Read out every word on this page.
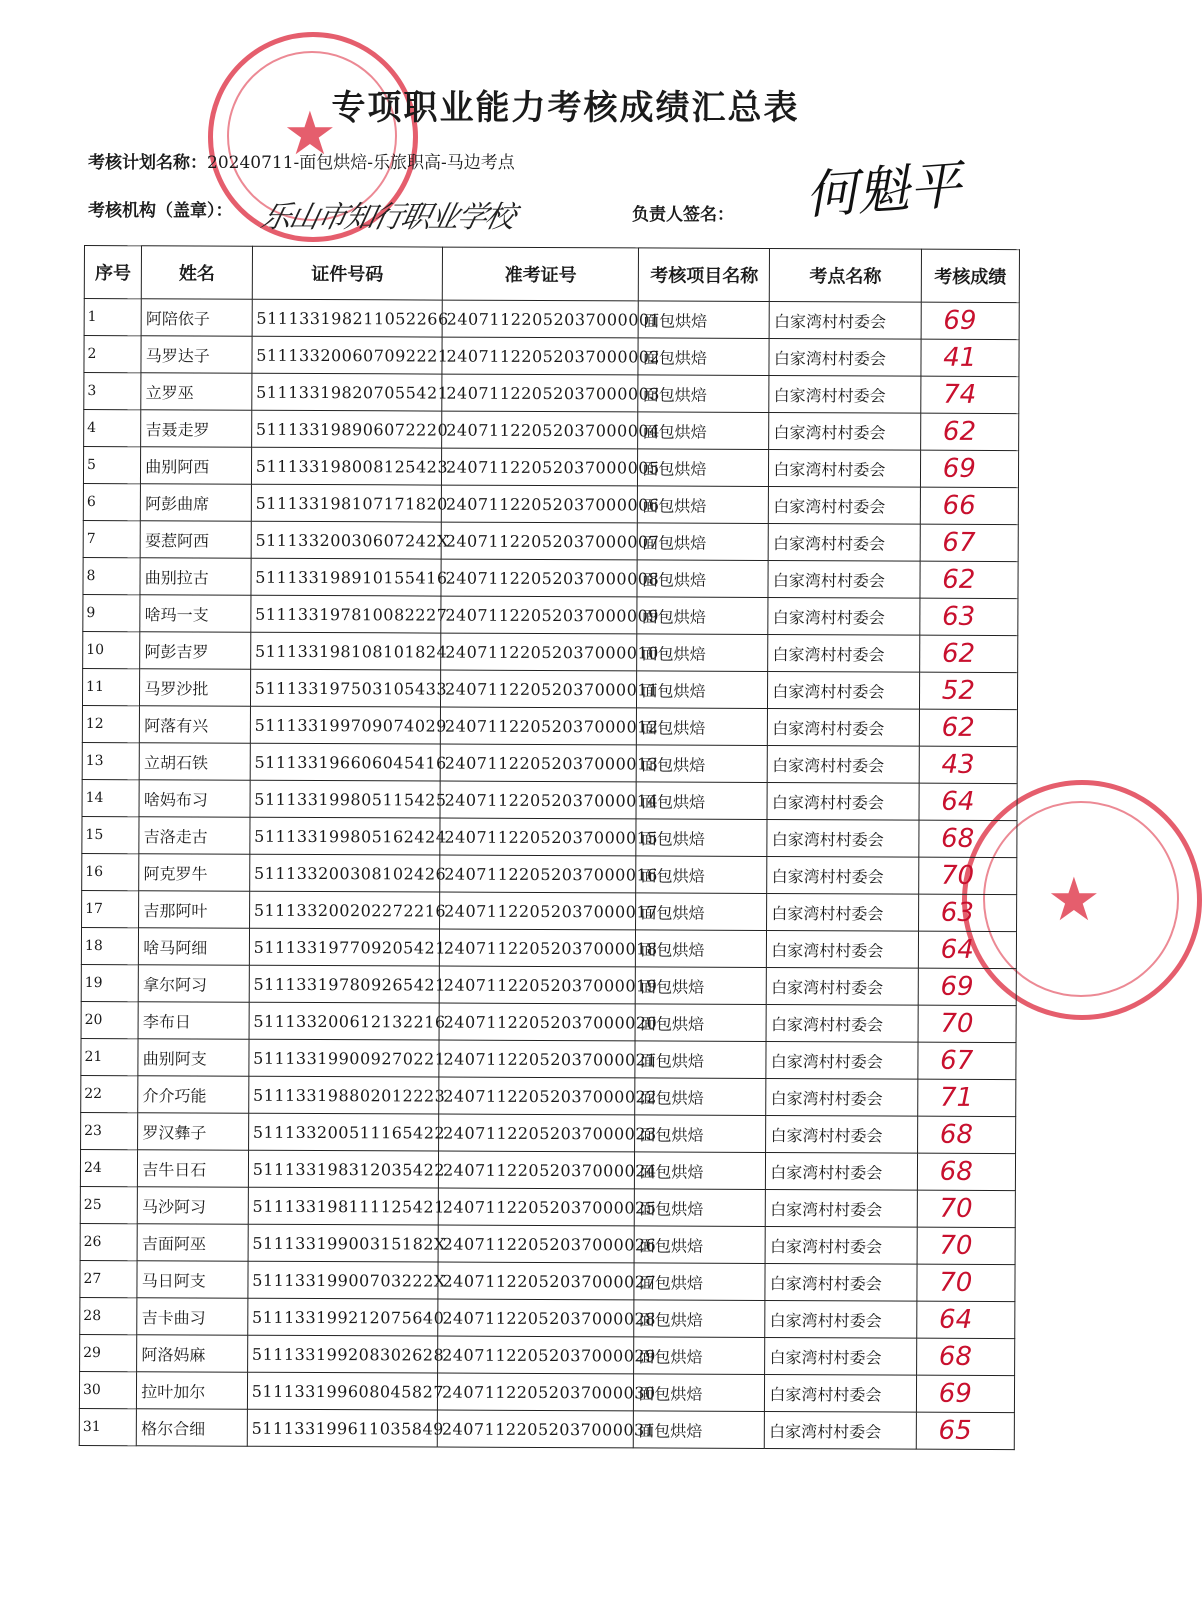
★
★
专项职业能力考核成绩汇总表
考核计划名称：20240711-面包烘焙-乐旅职高-马边考点
考核机构（盖章）： 乐山市知行职业学校	负责人签名： 何魁平
序号	姓名	证件号码	准考证号	考核项目名称	考点名称	考核成绩
1	阿陪依子	511133198211052266	24071122052037000001	面包烘焙	白家湾村村委会	69
2	马罗达子	511133200607092221	24071122052037000002	面包烘焙	白家湾村村委会	41
3	立罗巫	511133198207055421	24071122052037000003	面包烘焙	白家湾村村委会	74
4	吉聂走罗	511133198906072220	24071122052037000004	面包烘焙	白家湾村村委会	62
5	曲别阿西	511133198008125423	24071122052037000005	面包烘焙	白家湾村村委会	69
6	阿彭曲席	511133198107171820	24071122052037000006	面包烘焙	白家湾村村委会	66
7	耍惹阿西	51113320030607242X	24071122052037000007	面包烘焙	白家湾村村委会	67
8	曲别拉古	511133198910155416	24071122052037000008	面包烘焙	白家湾村村委会	62
9	啥玛一支	511133197810082227	24071122052037000009	面包烘焙	白家湾村村委会	63
10	阿彭吉罗	511133198108101824	24071122052037000010	面包烘焙	白家湾村村委会	62
11	马罗沙批	511133197503105433	24071122052037000011	面包烘焙	白家湾村村委会	52
12	阿落有兴	511133199709074029	24071122052037000012	面包烘焙	白家湾村村委会	62
13	立胡石铁	511133196606045416	24071122052037000013	面包烘焙	白家湾村村委会	43
14	啥妈布习	511133199805115425	24071122052037000014	面包烘焙	白家湾村村委会	64
15	吉洛走古	511133199805162424	24071122052037000015	面包烘焙	白家湾村村委会	68
16	阿克罗牛	511133200308102426	24071122052037000016	面包烘焙	白家湾村村委会	70
17	吉那阿叶	511133200202272216	24071122052037000017	面包烘焙	白家湾村村委会	63
18	啥马阿细	511133197709205421	24071122052037000018	面包烘焙	白家湾村村委会	64
19	拿尔阿习	511133197809265421	24071122052037000019	面包烘焙	白家湾村村委会	69
20	李布日	511133200612132216	24071122052037000020	面包烘焙	白家湾村村委会	70
21	曲别阿支	511133199009270221	24071122052037000021	面包烘焙	白家湾村村委会	67
22	介介巧能	511133198802012223	24071122052037000022	面包烘焙	白家湾村村委会	71
23	罗汉彝子	511133200511165422	24071122052037000023	面包烘焙	白家湾村村委会	68
24	吉牛日石	511133198312035422	24071122052037000024	面包烘焙	白家湾村村委会	68
25	马沙阿习	511133198111125421	24071122052037000025	面包烘焙	白家湾村村委会	70
26	吉面阿巫	51113319900315182X	24071122052037000026	面包烘焙	白家湾村村委会	70
27	马日阿支	51113319900703222X	24071122052037000027	面包烘焙	白家湾村村委会	70
28	吉卡曲习	511133199212075640	24071122052037000028	面包烘焙	白家湾村村委会	64
29	阿洛妈麻	511133199208302628	24071122052037000029	面包烘焙	白家湾村村委会	68
30	拉叶加尔	511133199608045827	24071122052037000030	面包烘焙	白家湾村村委会	69
31	格尔合细	511133199611035849	24071122052037000031	面包烘焙	白家湾村村委会	65
